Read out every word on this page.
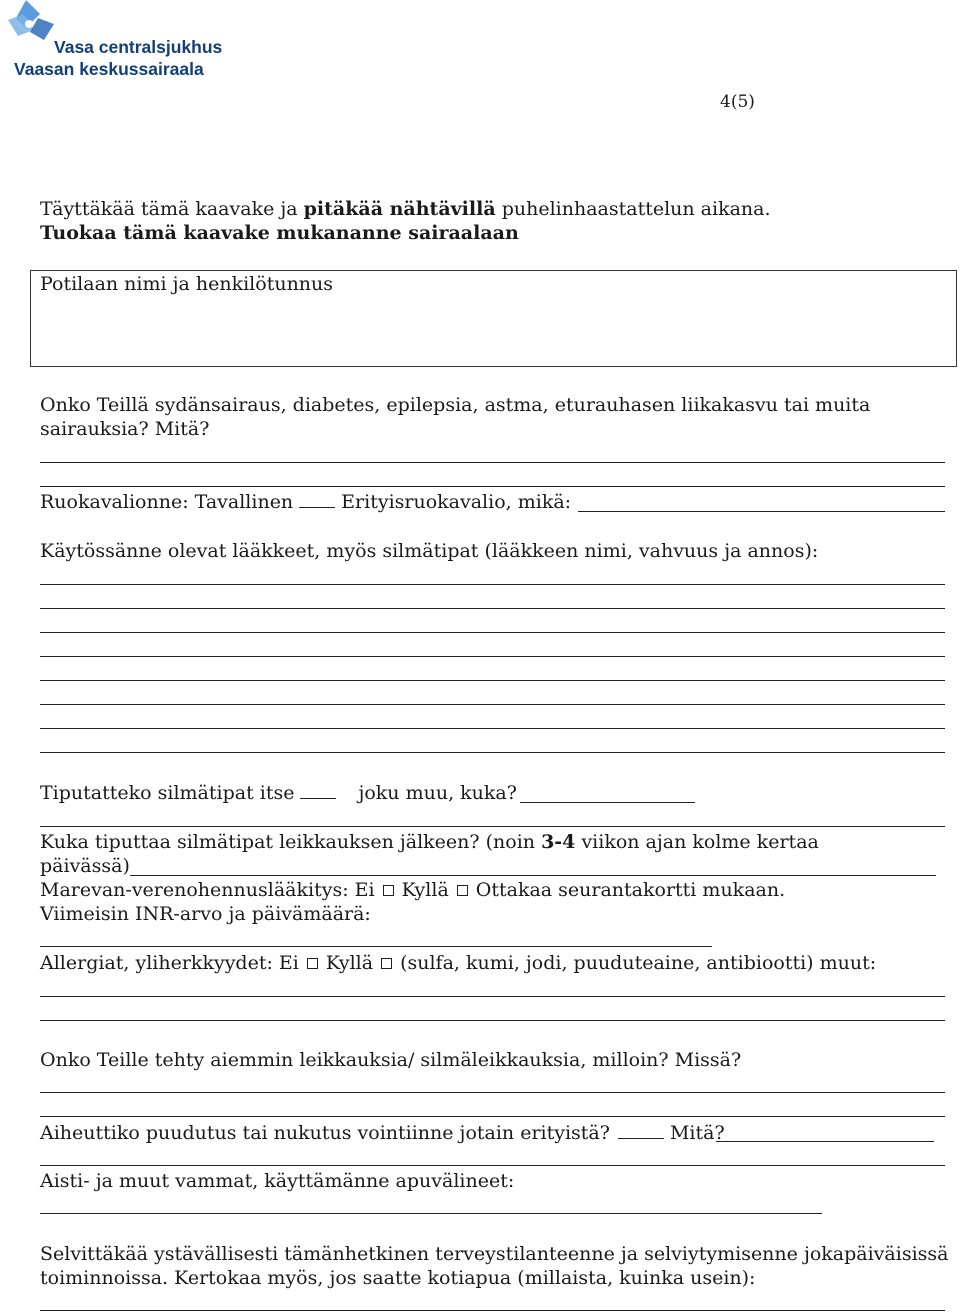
Vasa centralsjukhus
Vaasan keskussairaala
4(5)
Täyttäkää tämä kaavake ja pitäkää nähtävillä puhelinhaastattelun aikana.
Tuokaa tämä kaavake mukananne sairaalaan
Potilaan nimi ja henkilötunnus
Onko Teillä sydänsairaus, diabetes, epilepsia, astma, eturauhasen liikakasvu tai muita
sairauksia? Mitä?
Ruokavalionne: Tavallinen	Erityisruokavalio, mikä:
Käytössänne olevat lääkkeet, myös silmätipat (lääkkeen nimi, vahvuus ja annos):
Tiputatteko silmätipat itse	joku muu, kuka?
Kuka tiputtaa silmätipat leikkauksen jälkeen? (noin 3-4 viikon ajan kolme kertaa
päivässä)
Marevan-verenohennuslääkitys: Ei Kyllä Ottakaa seurantakortti mukaan.
Viimeisin INR-arvo ja päivämäärä:
Allergiat, yliherkkyydet: Ei Kyllä (sulfa, kumi, jodi, puuduteaine, antibiootti) muut:
Onko Teille tehty aiemmin leikkauksia/ silmäleikkauksia, milloin? Missä?
Aiheuttiko puudutus tai nukutus vointiinne jotain erityistä?	Mitä?
Aisti- ja muut vammat, käyttämänne apuvälineet:
Selvittäkää ystävällisesti tämänhetkinen terveystilanteenne ja selviytymisenne jokapäiväisissä
toiminnoissa. Kertokaa myös, jos saatte kotiapua (millaista, kuinka usein):
